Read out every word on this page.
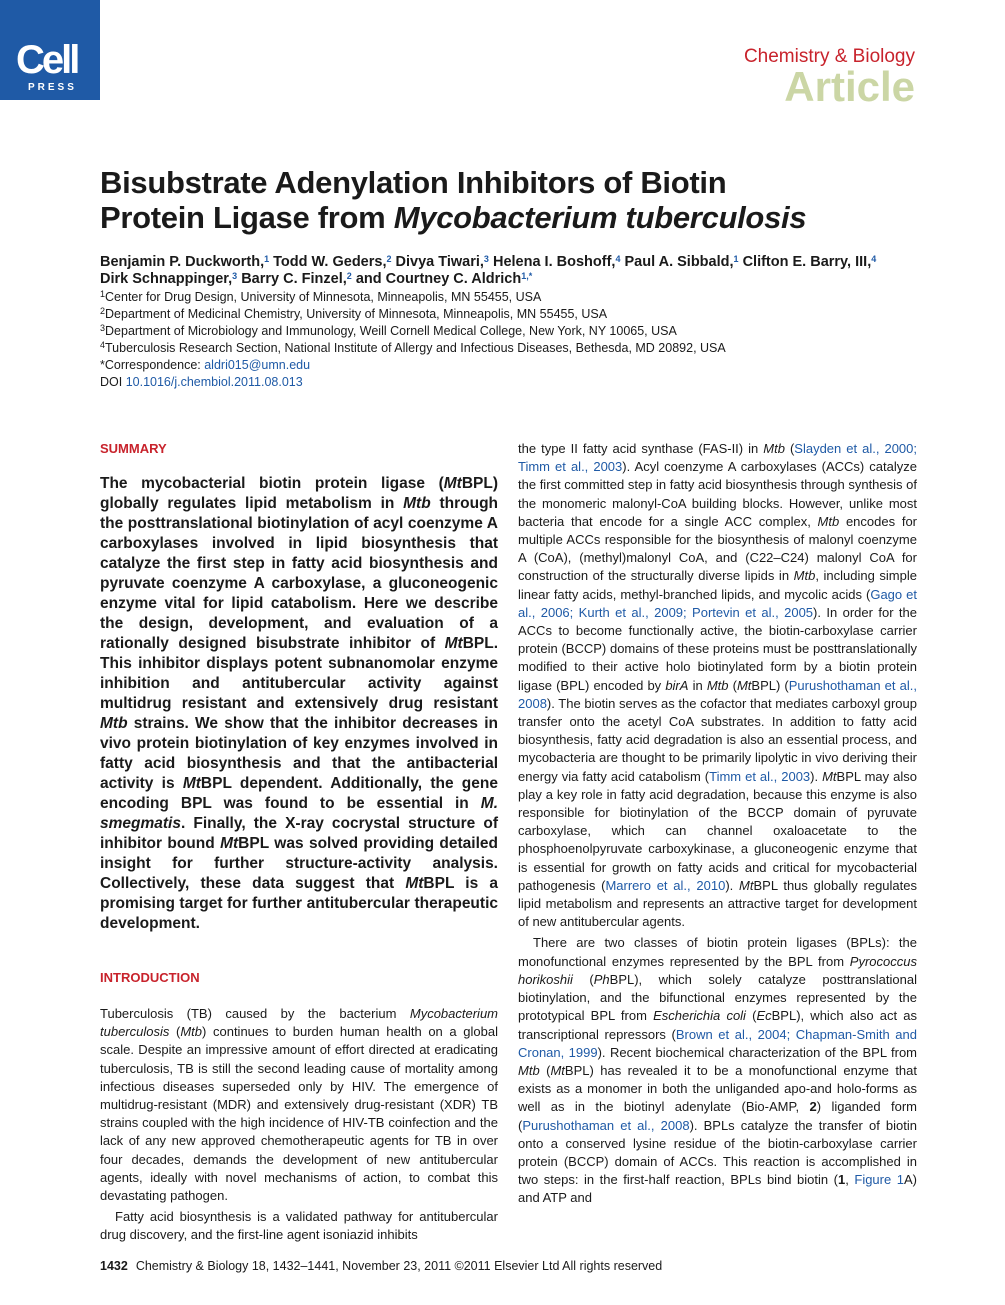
Cell
PRESS
Chemistry & Biology
Article
Bisubstrate Adenylation Inhibitors of Biotin
Protein Ligase from Mycobacterium tuberculosis
Benjamin P. Duckworth,$^1$ Todd W. Geders,$^2$ Divya Tiwari,$^3$ Helena I. Boshoff,$^4$ Paul A. Sibbald,$^1$ Clifton E. Barry, III,$^4$
Dirk Schnappinger,$^3$ Barry C. Finzel,$^2$ and Courtney C. Aldrich$^{1,*}$
$^1$Center for Drug Design, University of Minnesota, Minneapolis, MN 55455, USA
$^2$Department of Medicinal Chemistry, University of Minnesota, Minneapolis, MN 55455, USA
$^3$Department of Microbiology and Immunology, Weill Cornell Medical College, New York, NY 10065, USA
$^4$Tuberculosis Research Section, National Institute of Allergy and Infectious Diseases, Bethesda, MD 20892, USA
*Correspondence: aldri015@umn.edu
DOI 10.1016/j.chembiol.2011.08.013
SUMMARY
The mycobacterial biotin protein ligase (MtBPL) globally regulates lipid metabolism in Mtb through the posttranslational biotinylation of acyl coenzyme A carboxylases involved in lipid biosynthesis that catalyze the first step in fatty acid biosynthesis and pyruvate coenzyme A carboxylase, a gluconeogenic enzyme vital for lipid catabolism. Here we describe the design, development, and evaluation of a rationally designed bisubstrate inhibitor of MtBPL. This inhibitor displays potent subnanomolar enzyme inhibition and antitubercular activity against multidrug resistant and extensively drug resistant Mtb strains. We show that the inhibitor decreases in vivo protein biotinylation of key enzymes involved in fatty acid biosynthesis and that the antibacterial activity is MtBPL dependent. Additionally, the gene encoding BPL was found to be essential in M. smegmatis. Finally, the X-ray cocrystal structure of inhibitor bound MtBPL was solved providing detailed insight for further structure-activity analysis. Collectively, these data suggest that MtBPL is a promising target for further antitubercular therapeutic development.
INTRODUCTION

Tuberculosis (TB) caused by the bacterium Mycobacterium tuberculosis (Mtb) continues to burden human health on a global scale. Despite an impressive amount of effort directed at eradicating tuberculosis, TB is still the second leading cause of mortality among infectious diseases superseded only by HIV. The emergence of multidrug-resistant (MDR) and extensively drug-resistant (XDR) TB strains coupled with the high incidence of HIV-TB coinfection and the lack of any new approved chemotherapeutic agents for TB in over four decades, demands the development of new antitubercular agents, ideally with novel mechanisms of action, to combat this devastating pathogen.

Fatty acid biosynthesis is a validated pathway for antitubercular drug discovery, and the first-line agent isoniazid inhibits

the type II fatty acid synthase (FAS-II) in Mtb (Slayden et al., 2000; Timm et al., 2003). Acyl coenzyme A carboxylases (ACCs) catalyze the first committed step in fatty acid biosynthesis through synthesis of the monomeric malonyl-CoA building blocks. However, unlike most bacteria that encode for a single ACC complex, Mtb encodes for multiple ACCs responsible for the biosynthesis of malonyl coenzyme A (CoA), (methyl)malonyl CoA, and (C22–C24) malonyl CoA for construction of the structurally diverse lipids in Mtb, including simple linear fatty acids, methyl-branched lipids, and mycolic acids (Gago et al., 2006; Kurth et al., 2009; Portevin et al., 2005). In order for the ACCs to become functionally active, the biotin-carboxylase carrier protein (BCCP) domains of these proteins must be posttranslationally modified to their active holo biotinylated form by a biotin protein ligase (BPL) encoded by birA in Mtb (MtBPL) (Purushothaman et al., 2008). The biotin serves as the cofactor that mediates carboxyl group transfer onto the acetyl CoA substrates. In addition to fatty acid biosynthesis, fatty acid degradation is also an essential process, and mycobacteria are thought to be primarily lipolytic in vivo deriving their energy via fatty acid catabolism (Timm et al., 2003). MtBPL may also play a key role in fatty acid degradation, because this enzyme is also responsible for biotinylation of the BCCP domain of pyruvate carboxylase, which can channel oxaloacetate to the phosphoenolpyruvate carboxykinase, a gluconeogenic enzyme that is essential for growth on fatty acids and critical for mycobacterial pathogenesis (Marrero et al., 2010). MtBPL thus globally regulates lipid metabolism and represents an attractive target for development of new antitubercular agents.

There are two classes of biotin protein ligases (BPLs): the monofunctional enzymes represented by the BPL from Pyrococcus horikoshii (PhBPL), which solely catalyze posttranslational biotinylation, and the bifunctional enzymes represented by the prototypical BPL from Escherichia coli (EcBPL), which also act as transcriptional repressors (Brown et al., 2004; Chapman-Smith and Cronan, 1999). Recent biochemical characterization of the BPL from Mtb (MtBPL) has revealed it to be a monofunctional enzyme that exists as a monomer in both the unliganded apo-and holo-forms as well as in the biotinyl adenylate (Bio-AMP, 2) liganded form (Purushothaman et al., 2008). BPLs catalyze the transfer of biotin onto a conserved lysine residue of the biotin-carboxylase carrier protein (BCCP) domain of ACCs. This reaction is accomplished in two steps: in the first-half reaction, BPLs bind biotin (1, Figure 1A) and ATP and

1432 Chemistry & Biology 18, 1432–1441, November 23, 2011 ©2011 Elsevier Ltd All rights reserved
